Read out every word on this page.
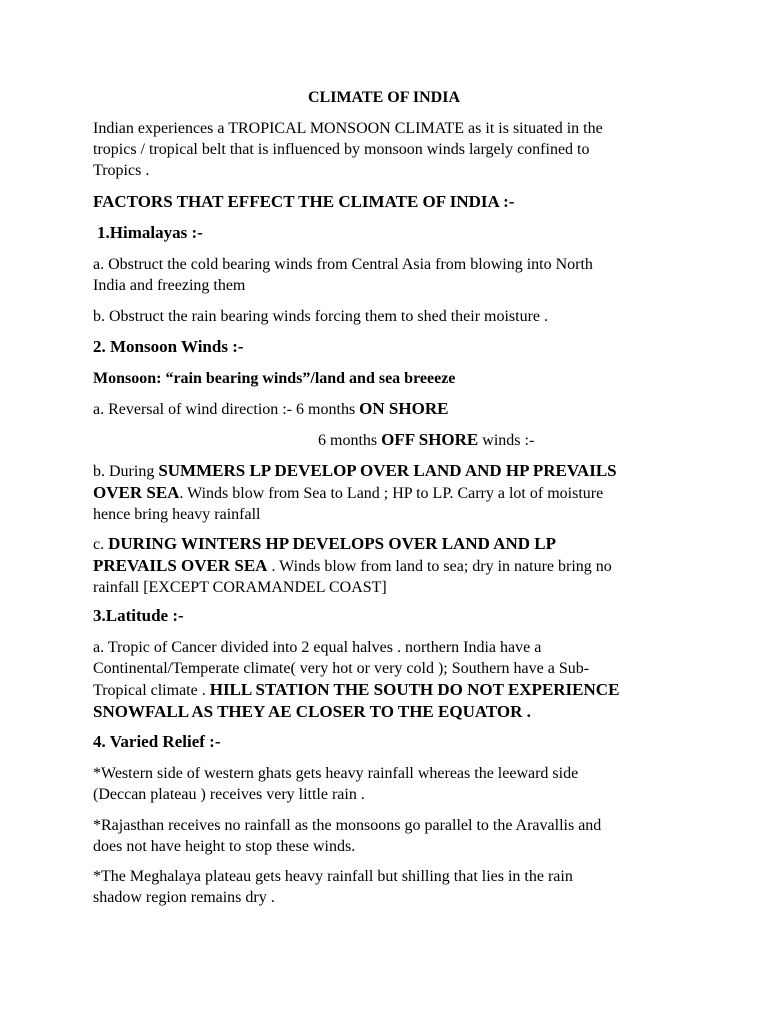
CLIMATE OF INDIA
Indian experiences a TROPICAL MONSOON CLIMATE as it is situated in the
tropics / tropical belt that is influenced by monsoon winds largely confined to
Tropics .
FACTORS THAT EFFECT THE CLIMATE OF INDIA :-
1.Himalayas :-
a. Obstruct the cold bearing winds from Central Asia from blowing into North
India and freezing them
b. Obstruct the rain bearing winds forcing them to shed their moisture .
2. Monsoon Winds :-
Monsoon: “rain bearing winds”/land and sea breeeze
a. Reversal of wind direction :- 6 months ON SHORE
6 months OFF SHORE winds :-
b. During SUMMERS LP DEVELOP OVER LAND AND HP PREVAILS
OVER SEA. Winds blow from Sea to Land ; HP to LP. Carry a lot of moisture
hence bring heavy rainfall
c. DURING WINTERS HP DEVELOPS OVER LAND AND LP
PREVAILS OVER SEA . Winds blow from land to sea; dry in nature bring no
rainfall [EXCEPT CORAMANDEL COAST]
3.Latitude :-
a. Tropic of Cancer divided into 2 equal halves . northern India have a
Continental/Temperate climate( very hot or very cold ); Southern have a Sub-
Tropical climate . HILL STATION THE SOUTH DO NOT EXPERIENCE
SNOWFALL AS THEY AE CLOSER TO THE EQUATOR .
4. Varied Relief :-
*Western side of western ghats gets heavy rainfall whereas the leeward side
(Deccan plateau ) receives very little rain .
*Rajasthan receives no rainfall as the monsoons go parallel to the Aravallis and
does not have height to stop these winds.
*The Meghalaya plateau gets heavy rainfall but shilling that lies in the rain
shadow region remains dry .
